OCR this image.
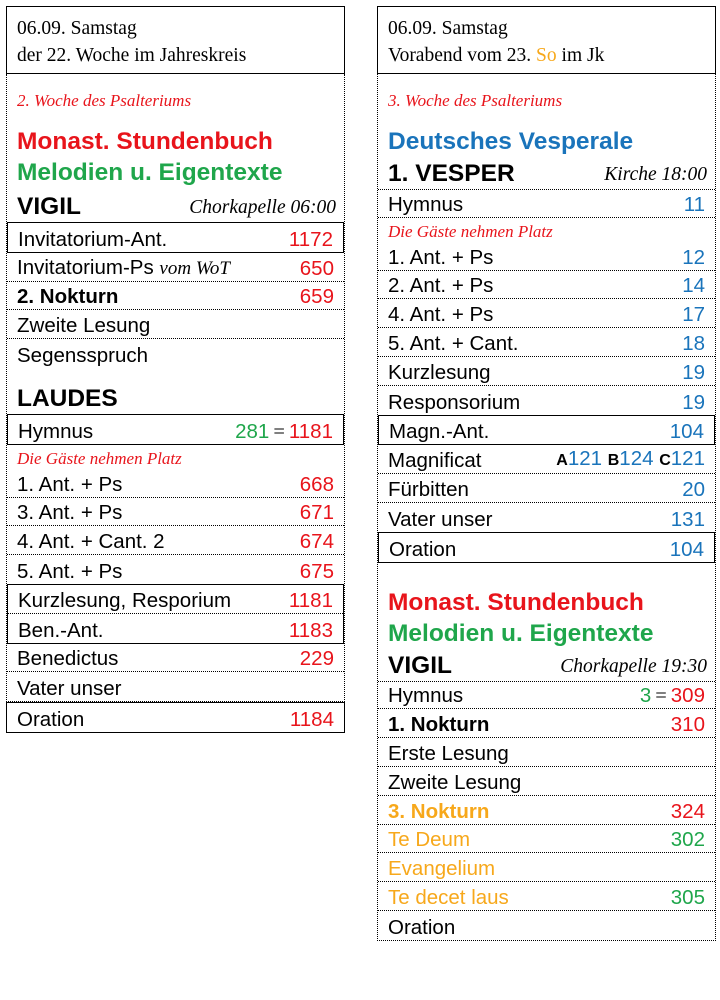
06.09. Samstag
der 22. Woche im Jahreskreis
2. Woche des Psalteriums
Monast. Stundenbuch
Melodien u. Eigentexte
VIGIL	Chorkapelle 06:00
Invitatorium-Ant.	1172
Invitatorium-Ps vom WoT	650
2. Nokturn	659
Zweite Lesung
Segensspruch
LAUDES
Hymnus	281 = 1181
Die Gäste nehmen Platz
1. Ant. + Ps	668
3. Ant. + Ps	671
4. Ant. + Cant. 2	674
5. Ant. + Ps	675
Kurzlesung, Resporium	1181
Ben.-Ant.	1183
Benedictus	229
Vater unser
Oration	1184
06.09. Samstag
Vorabend vom 23. So im Jk
3. Woche des Psalteriums
Deutsches Vesperale
1. VESPER	Kirche 18:00
Hymnus	11
Die Gäste nehmen Platz
1. Ant. + Ps	12
2. Ant. + Ps	14
4. Ant. + Ps	17
5. Ant. + Cant.	18
Kurzlesung	19
Responsorium	19
Magn.-Ant.	104
Magnificat	A121 B124 C121
Fürbitten	20
Vater unser	131
Oration	104
Monast. Stundenbuch
Melodien u. Eigentexte
VIGIL	Chorkapelle 19:30
Hymnus	3 = 309
1. Nokturn	310
Erste Lesung
Zweite Lesung
3. Nokturn	324
Te Deum	302
Evangelium
Te decet laus	305
Oration
